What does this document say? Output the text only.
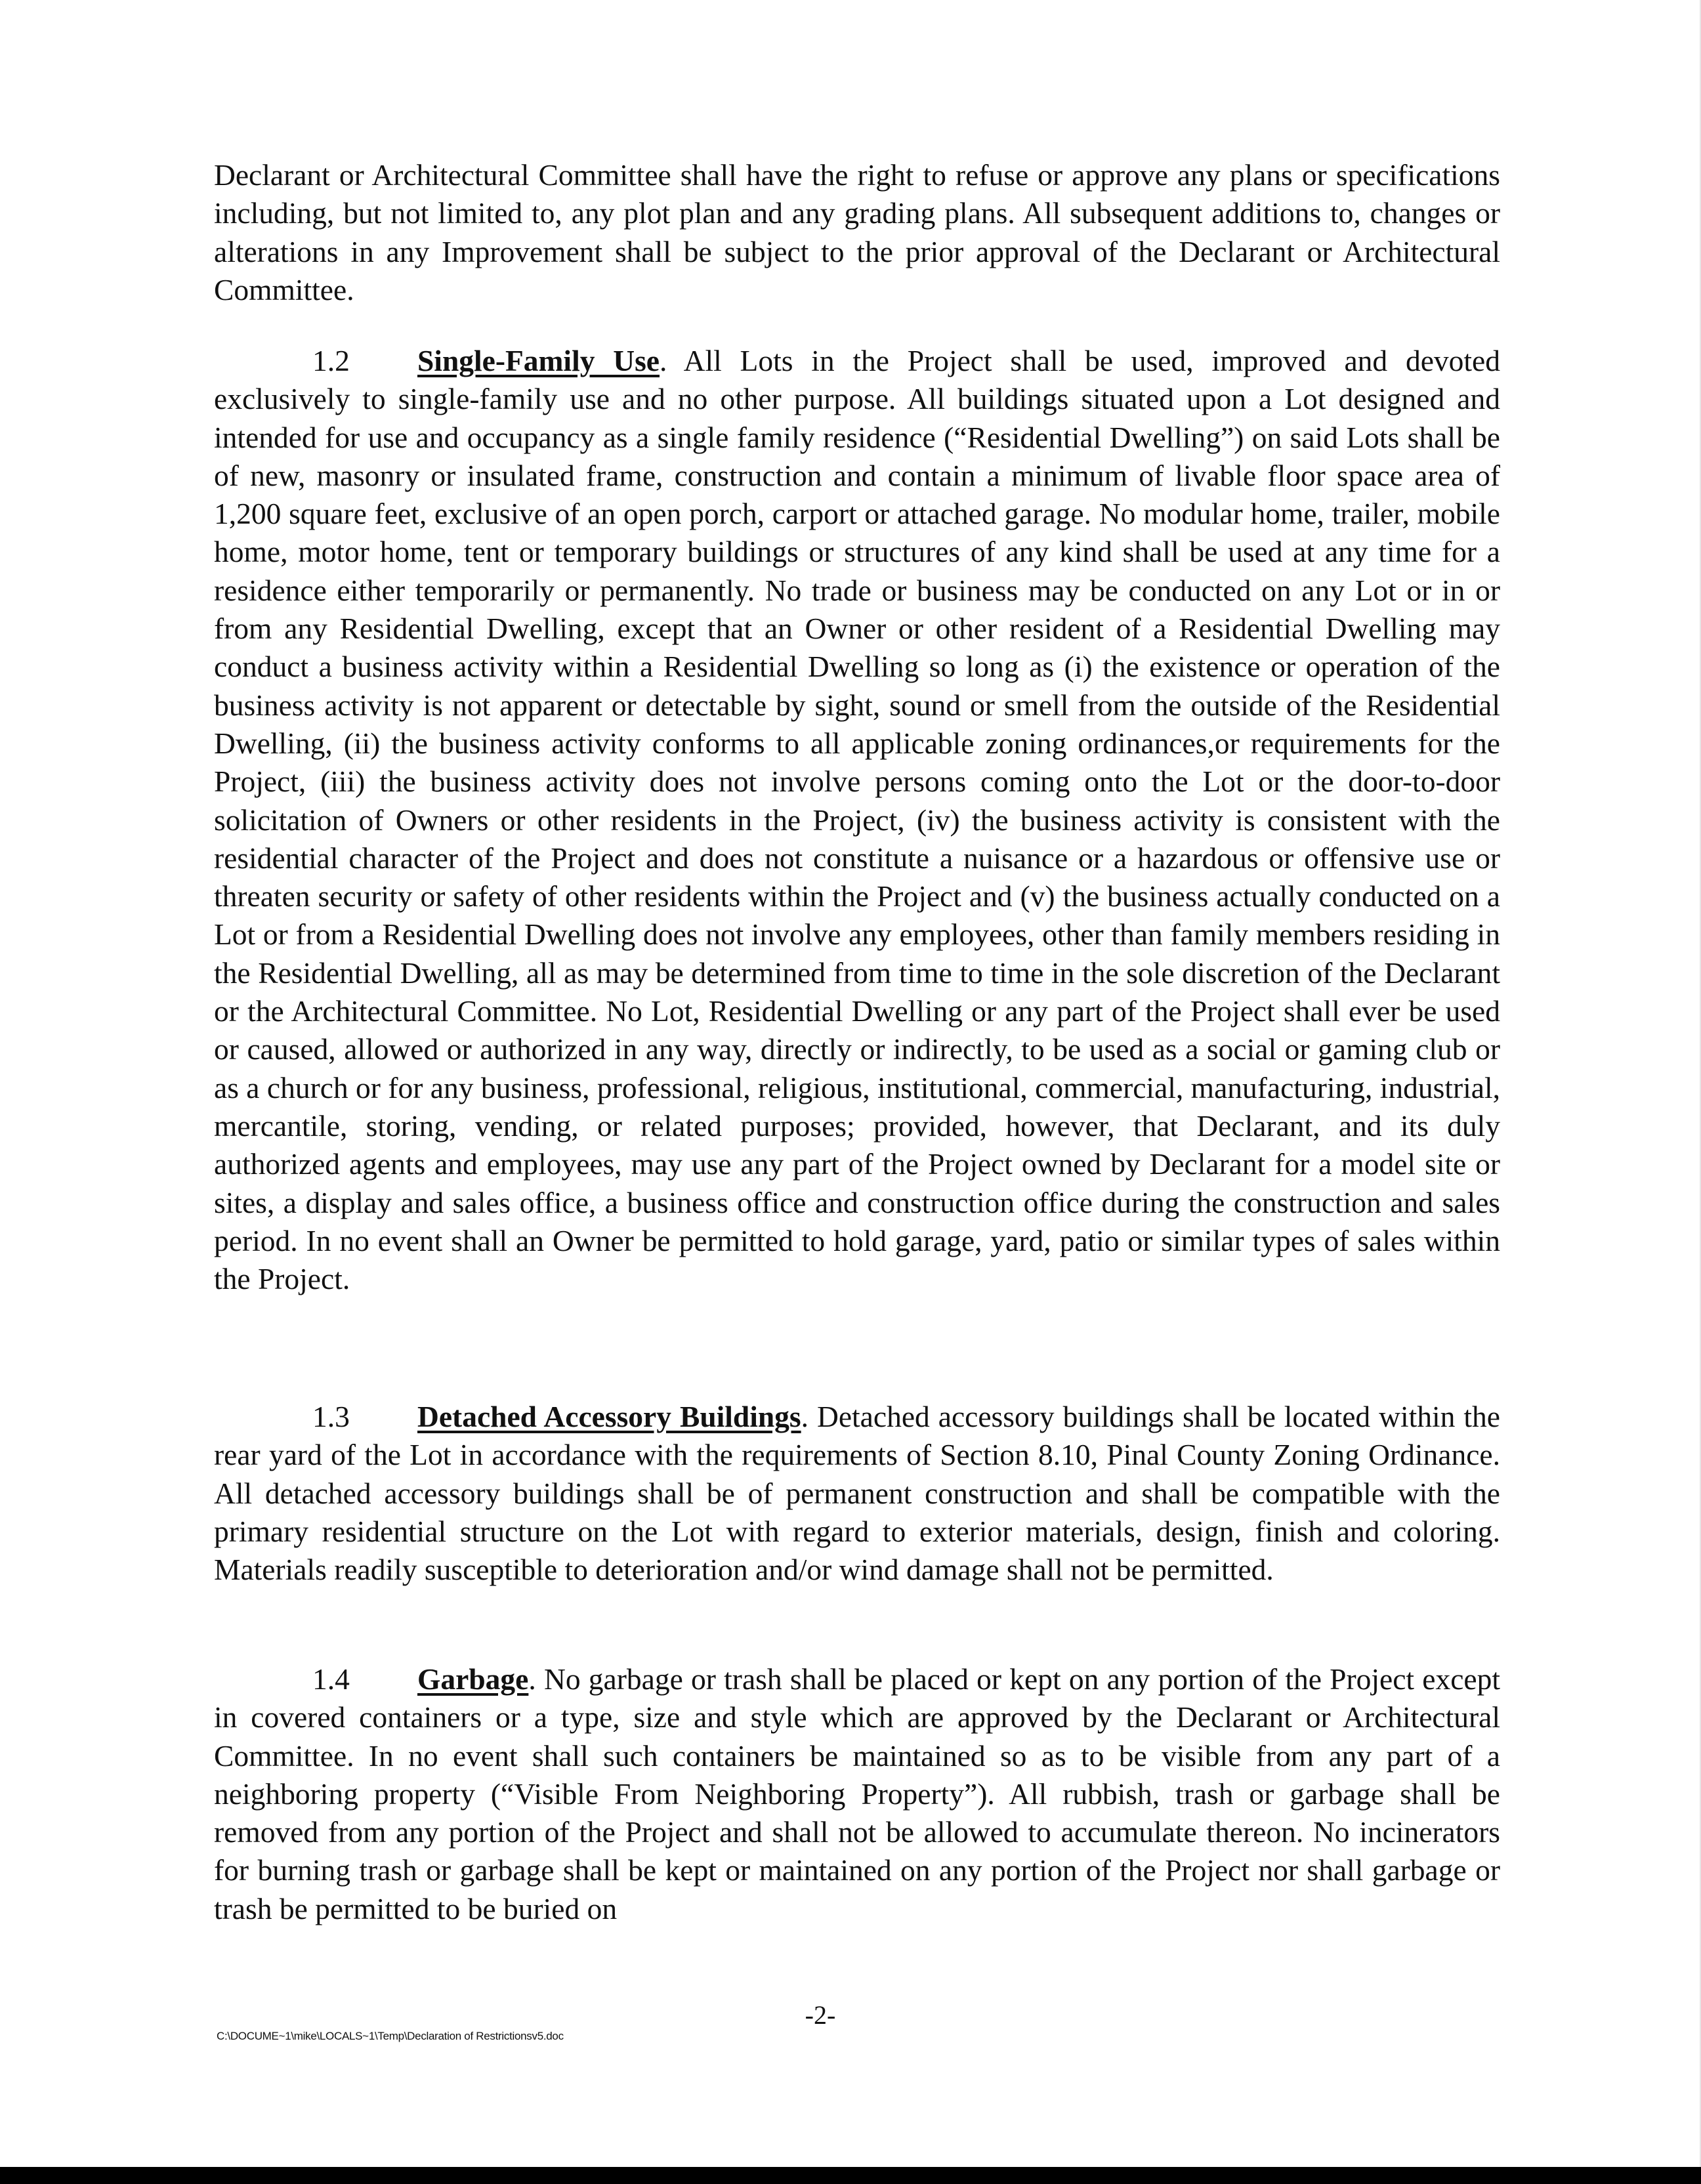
Declarant or Architectural Committee shall have the right to refuse or approve any plans or specifications including, but not limited to, any plot plan and any grading plans. All subsequent additions to, changes or alterations in any Improvement shall be subject to the prior approval of the Declarant or Architectural Committee.

1.2 Single-Family Use. All Lots in the Project shall be used, improved and devoted exclusively to single-family use and no other purpose. All buildings situated upon a Lot designed and intended for use and occupancy as a single family residence (“Residential Dwelling”) on said Lots shall be of new, masonry or insulated frame, construction and contain a minimum of livable floor space area of 1,200 square feet, exclusive of an open porch, carport or attached garage. No modular home, trailer, mobile home, motor home, tent or temporary buildings or structures of any kind shall be used at any time for a residence either temporarily or permanently. No trade or business may be conducted on any Lot or in or from any Residential Dwelling, except that an Owner or other resident of a Residential Dwelling may conduct a business activity within a Residential Dwelling so long as (i) the existence or operation of the business activity is not apparent or detectable by sight, sound or smell from the outside of the Residential Dwelling, (ii) the business activity conforms to all applicable zoning ordinances,or requirements for the Project, (iii) the business activity does not involve persons coming onto the Lot or the door-to-door solicitation of Owners or other residents in the Project, (iv) the business activity is consistent with the residential character of the Project and does not constitute a nuisance or a hazardous or offensive use or threaten security or safety of other residents within the Project and (v) the business actually conducted on a Lot or from a Residential Dwelling does not involve any employees, other than family members residing in the Residential Dwelling, all as may be determined from time to time in the sole discretion of the Declarant or the Architectural Committee. No Lot, Residential Dwelling or any part of the Project shall ever be used or caused, allowed or authorized in any way, directly or indirectly, to be used as a social or gaming club or as a church or for any business, professional, religious, institutional, commercial, manufacturing, industrial, mercantile, storing, vending, or related purposes; provided, however, that Declarant, and its duly authorized agents and employees, may use any part of the Project owned by Declarant for a model site or sites, a display and sales office, a business office and construction office during the construction and sales period. In no event shall an Owner be permitted to hold garage, yard, patio or similar types of sales within the Project.

1.3 Detached Accessory Buildings. Detached accessory buildings shall be located within the rear yard of the Lot in accordance with the requirements of Section 8.10, Pinal County Zoning Ordinance. All detached accessory buildings shall be of permanent construction and shall be compatible with the primary residential structure on the Lot with regard to exterior materials, design, finish and coloring. Materials readily susceptible to deterioration and/or wind damage shall not be permitted.

1.4 Garbage. No garbage or trash shall be placed or kept on any portion of the Project except in covered containers or a type, size and style which are approved by the Declarant or Architectural Committee. In no event shall such containers be maintained so as to be visible from any part of a neighboring property (“Visible From Neighboring Property”). All rubbish, trash or garbage shall be removed from any portion of the Project and shall not be allowed to accumulate thereon. No incinerators for burning trash or garbage shall be kept or maintained on any portion of the Project nor shall garbage or trash be permitted to be buried on

-2-
C:\DOCUME~1\mike\LOCALS~1\Temp\Declaration of Restrictionsv5.doc
